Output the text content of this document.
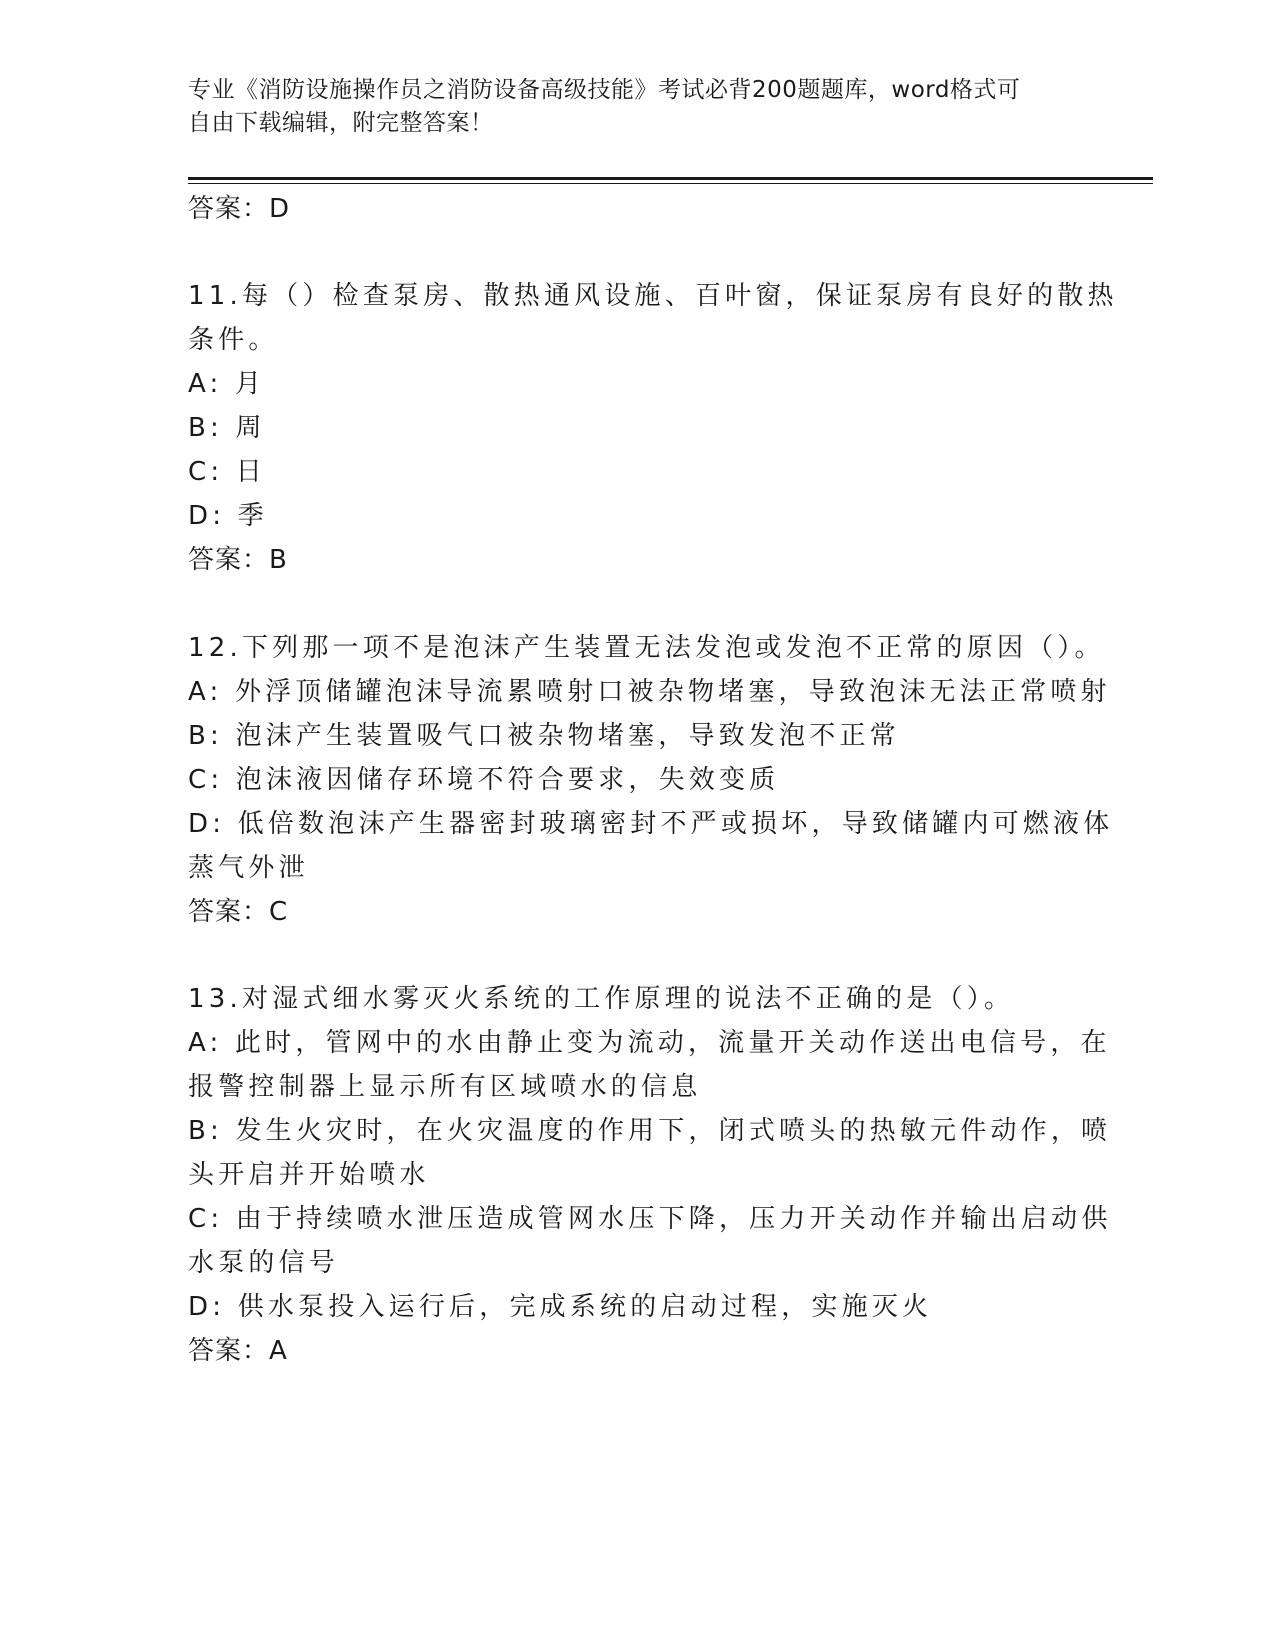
专业《消防设施操作员之消防设备高级技能》考试必背200题题库，word格式可
自由下载编辑，附完整答案！
答案：D
11.每（）检查泵房、散热通风设施、百叶窗，保证泵房有良好的散热
条件。
A: 月
B: 周
C: 日
D: 季
答案：B
12.下列那一项不是泡沫产生装置无法发泡或发泡不正常的原因（）。
A: 外浮顶储罐泡沫导流累喷射口被杂物堵塞，导致泡沫无法正常喷射
B: 泡沫产生装置吸气口被杂物堵塞，导致发泡不正常
C: 泡沫液因储存环境不符合要求，失效变质
D: 低倍数泡沫产生器密封玻璃密封不严或损坏，导致储罐内可燃液体
蒸气外泄
答案：C
13.对湿式细水雾灭火系统的工作原理的说法不正确的是（）。
A: 此时，管网中的水由静止变为流动，流量开关动作送出电信号，在
报警控制器上显示所有区域喷水的信息
B: 发生火灾时，在火灾温度的作用下，闭式喷头的热敏元件动作，喷
头开启并开始喷水
C: 由于持续喷水泄压造成管网水压下降，压力开关动作并输出启动供
水泵的信号
D: 供水泵投入运行后，完成系统的启动过程，实施灭火
答案：A
